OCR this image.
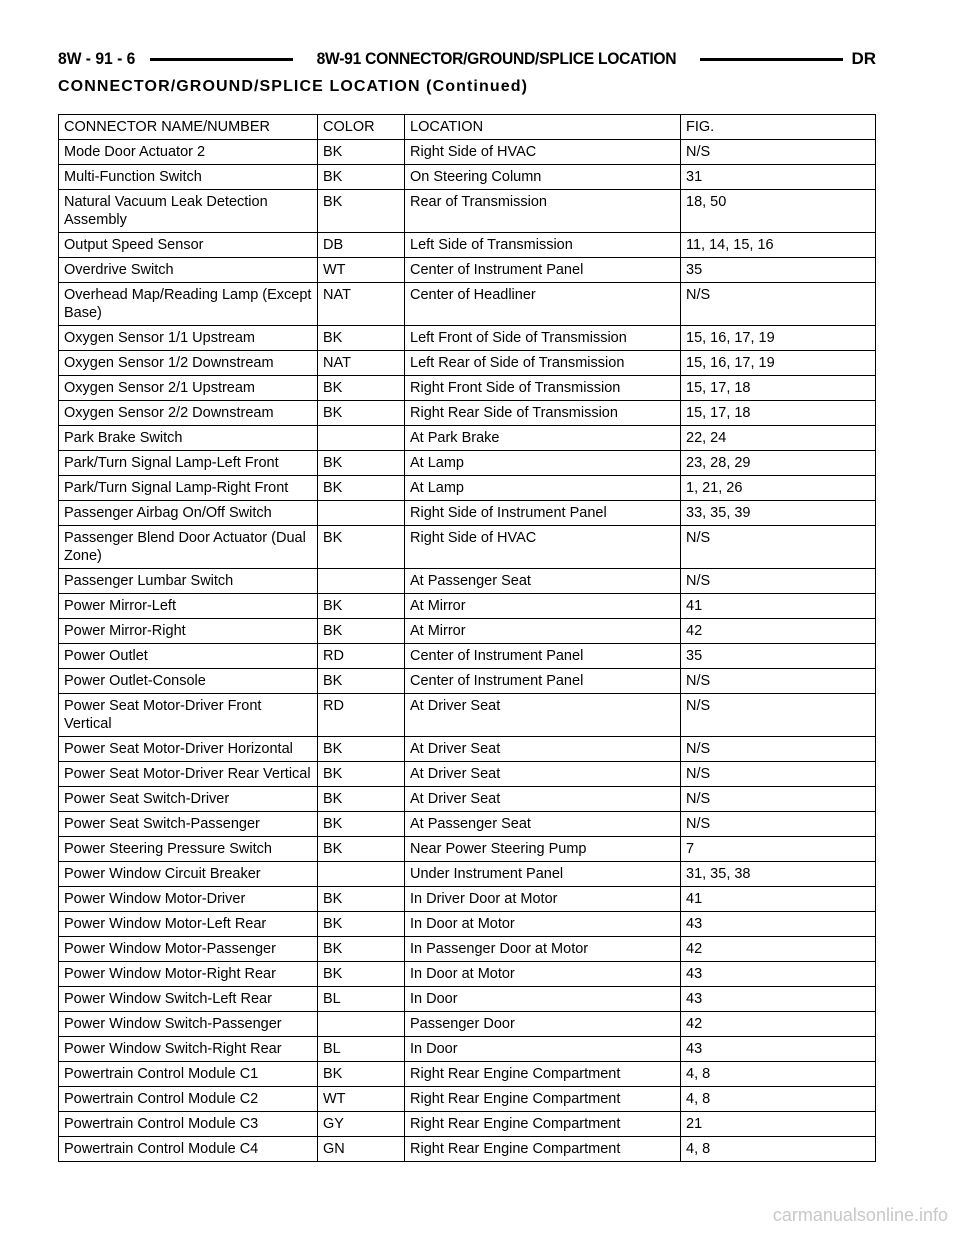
8W - 91 - 6	8W-91 CONNECTOR/GROUND/SPLICE LOCATION	DR
CONNECTOR/GROUND/SPLICE LOCATION (Continued)
CONNECTOR NAME/NUMBER	COLOR	LOCATION	FIG.
Mode Door Actuator 2	BK	Right Side of HVAC	N/S
Multi-Function Switch	BK	On Steering Column	31
Natural Vacuum Leak Detection Assembly	BK	Rear of Transmission	18, 50
Output Speed Sensor	DB	Left Side of Transmission	11, 14, 15, 16
Overdrive Switch	WT	Center of Instrument Panel	35
Overhead Map/Reading Lamp (Except Base)	NAT	Center of Headliner	N/S
Oxygen Sensor 1/1 Upstream	BK	Left Front of Side of Transmission	15, 16, 17, 19
Oxygen Sensor 1/2 Downstream	NAT	Left Rear of Side of Transmission	15, 16, 17, 19
Oxygen Sensor 2/1 Upstream	BK	Right Front Side of Transmission	15, 17, 18
Oxygen Sensor 2/2 Downstream	BK	Right Rear Side of Transmission	15, 17, 18
Park Brake Switch		At Park Brake	22, 24
Park/Turn Signal Lamp-Left Front	BK	At Lamp	23, 28, 29
Park/Turn Signal Lamp-Right Front	BK	At Lamp	1, 21, 26
Passenger Airbag On/Off Switch		Right Side of Instrument Panel	33, 35, 39
Passenger Blend Door Actuator (Dual Zone)	BK	Right Side of HVAC	N/S
Passenger Lumbar Switch		At Passenger Seat	N/S
Power Mirror-Left	BK	At Mirror	41
Power Mirror-Right	BK	At Mirror	42
Power Outlet	RD	Center of Instrument Panel	35
Power Outlet-Console	BK	Center of Instrument Panel	N/S
Power Seat Motor-Driver Front Vertical	RD	At Driver Seat	N/S
Power Seat Motor-Driver Horizontal	BK	At Driver Seat	N/S
Power Seat Motor-Driver Rear Vertical	BK	At Driver Seat	N/S
Power Seat Switch-Driver	BK	At Driver Seat	N/S
Power Seat Switch-Passenger	BK	At Passenger Seat	N/S
Power Steering Pressure Switch	BK	Near Power Steering Pump	7
Power Window Circuit Breaker		Under Instrument Panel	31, 35, 38
Power Window Motor-Driver	BK	In Driver Door at Motor	41
Power Window Motor-Left Rear	BK	In Door at Motor	43
Power Window Motor-Passenger	BK	In Passenger Door at Motor	42
Power Window Motor-Right Rear	BK	In Door at Motor	43
Power Window Switch-Left Rear	BL	In Door	43
Power Window Switch-Passenger		Passenger Door	42
Power Window Switch-Right Rear	BL	In Door	43
Powertrain Control Module C1	BK	Right Rear Engine Compartment	4, 8
Powertrain Control Module C2	WT	Right Rear Engine Compartment	4, 8
Powertrain Control Module C3	GY	Right Rear Engine Compartment	21
Powertrain Control Module C4	GN	Right Rear Engine Compartment	4, 8
carmanualsonline.info
